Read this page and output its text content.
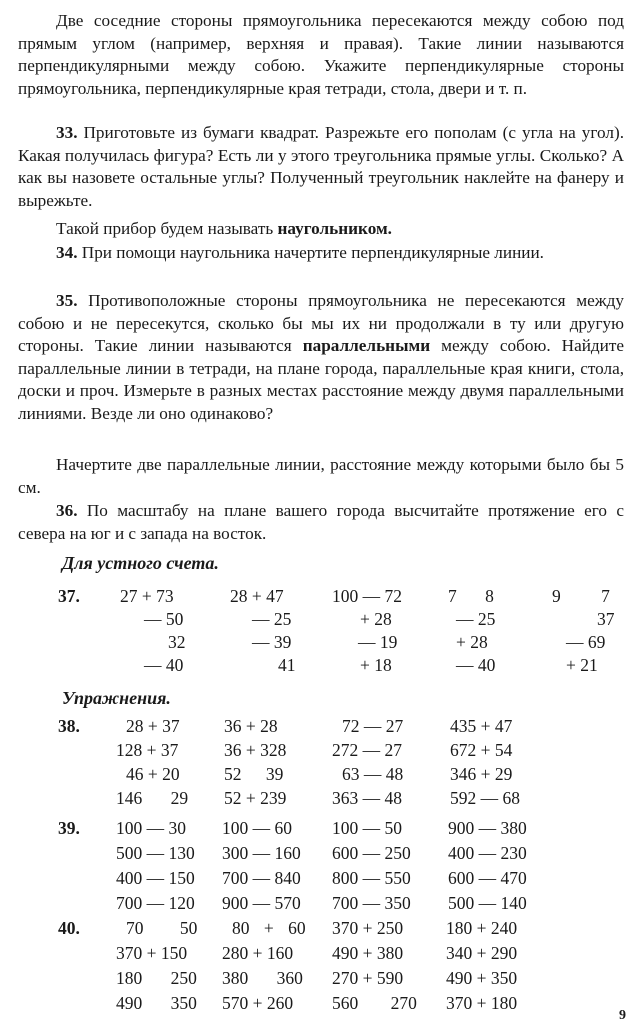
Две соседние стороны прямоугольника пересекаются между собою под прямым углом (например, верхняя и правая). Такие линии называются перпендикулярными между собою. Укажите перпендикулярные стороны прямоугольника, перпендикулярные края тетради, стола, двери и т. п.

33. Приготовьте из бумаги квадрат. Разрежьте его пополам (с угла на угол). Какая получилась фигура? Есть ли у этого треугольника прямые углы. Сколько? А как вы назовете остальные углы? Полученный треугольник наклейте на фанеру и вырежьте.

Такой прибор будем называть наугольником.

34. При помощи наугольника начертите перпендикулярные линии.

35. Противоположные стороны прямоугольника не пересекаются между собою и не пересекутся, сколько бы мы их ни продолжали в ту или другую стороны. Такие линии называются параллельными между собою. Найдите параллельные линии в тетради, на плане города, параллельные края книги, стола, доски и проч. Измерьте в разных местах расстояние между двумя параллельными линиями. Везде ли оно одинаково?

Начертите две параллельные линии, расстояние между которыми было бы 5 см.

36. По масштабу на плане вашего города высчитайте протяжение его с севера на юг и с запада на восток.

Для устного счета.

37. 27 + 73
— 50
32
— 40
28 + 47
— 25
— 39
41
100 — 72
+ 28
— 19
+ 18
7 8
— 25
+ 28
— 40
9 7
37
— 69
+ 21

Упражнения.

38.	28 + 37
128 + 37
46 + 20
146 29
36 + 28
36 + 328
52 39
52 + 239
72 — 27
272 — 27
63 — 48
363 — 48
435 + 47
672 + 54
346 + 29
592 — 68
39. 100 — 30
500 — 130
400 — 150
700 — 120
100 — 60
300 — 160
700 — 840
900 — 570
100 — 50
600 — 250
800 — 550
700 — 350
900 — 380
400 — 230
600 — 470
500 — 140
40.	70 50
370 + 150
180 250
490 350
80 + 60
280 + 160
380 360
570 + 260
370 + 250
490 + 380
270 + 590
560 270
180 + 240
340 + 290
490 + 350
370 + 180
9
